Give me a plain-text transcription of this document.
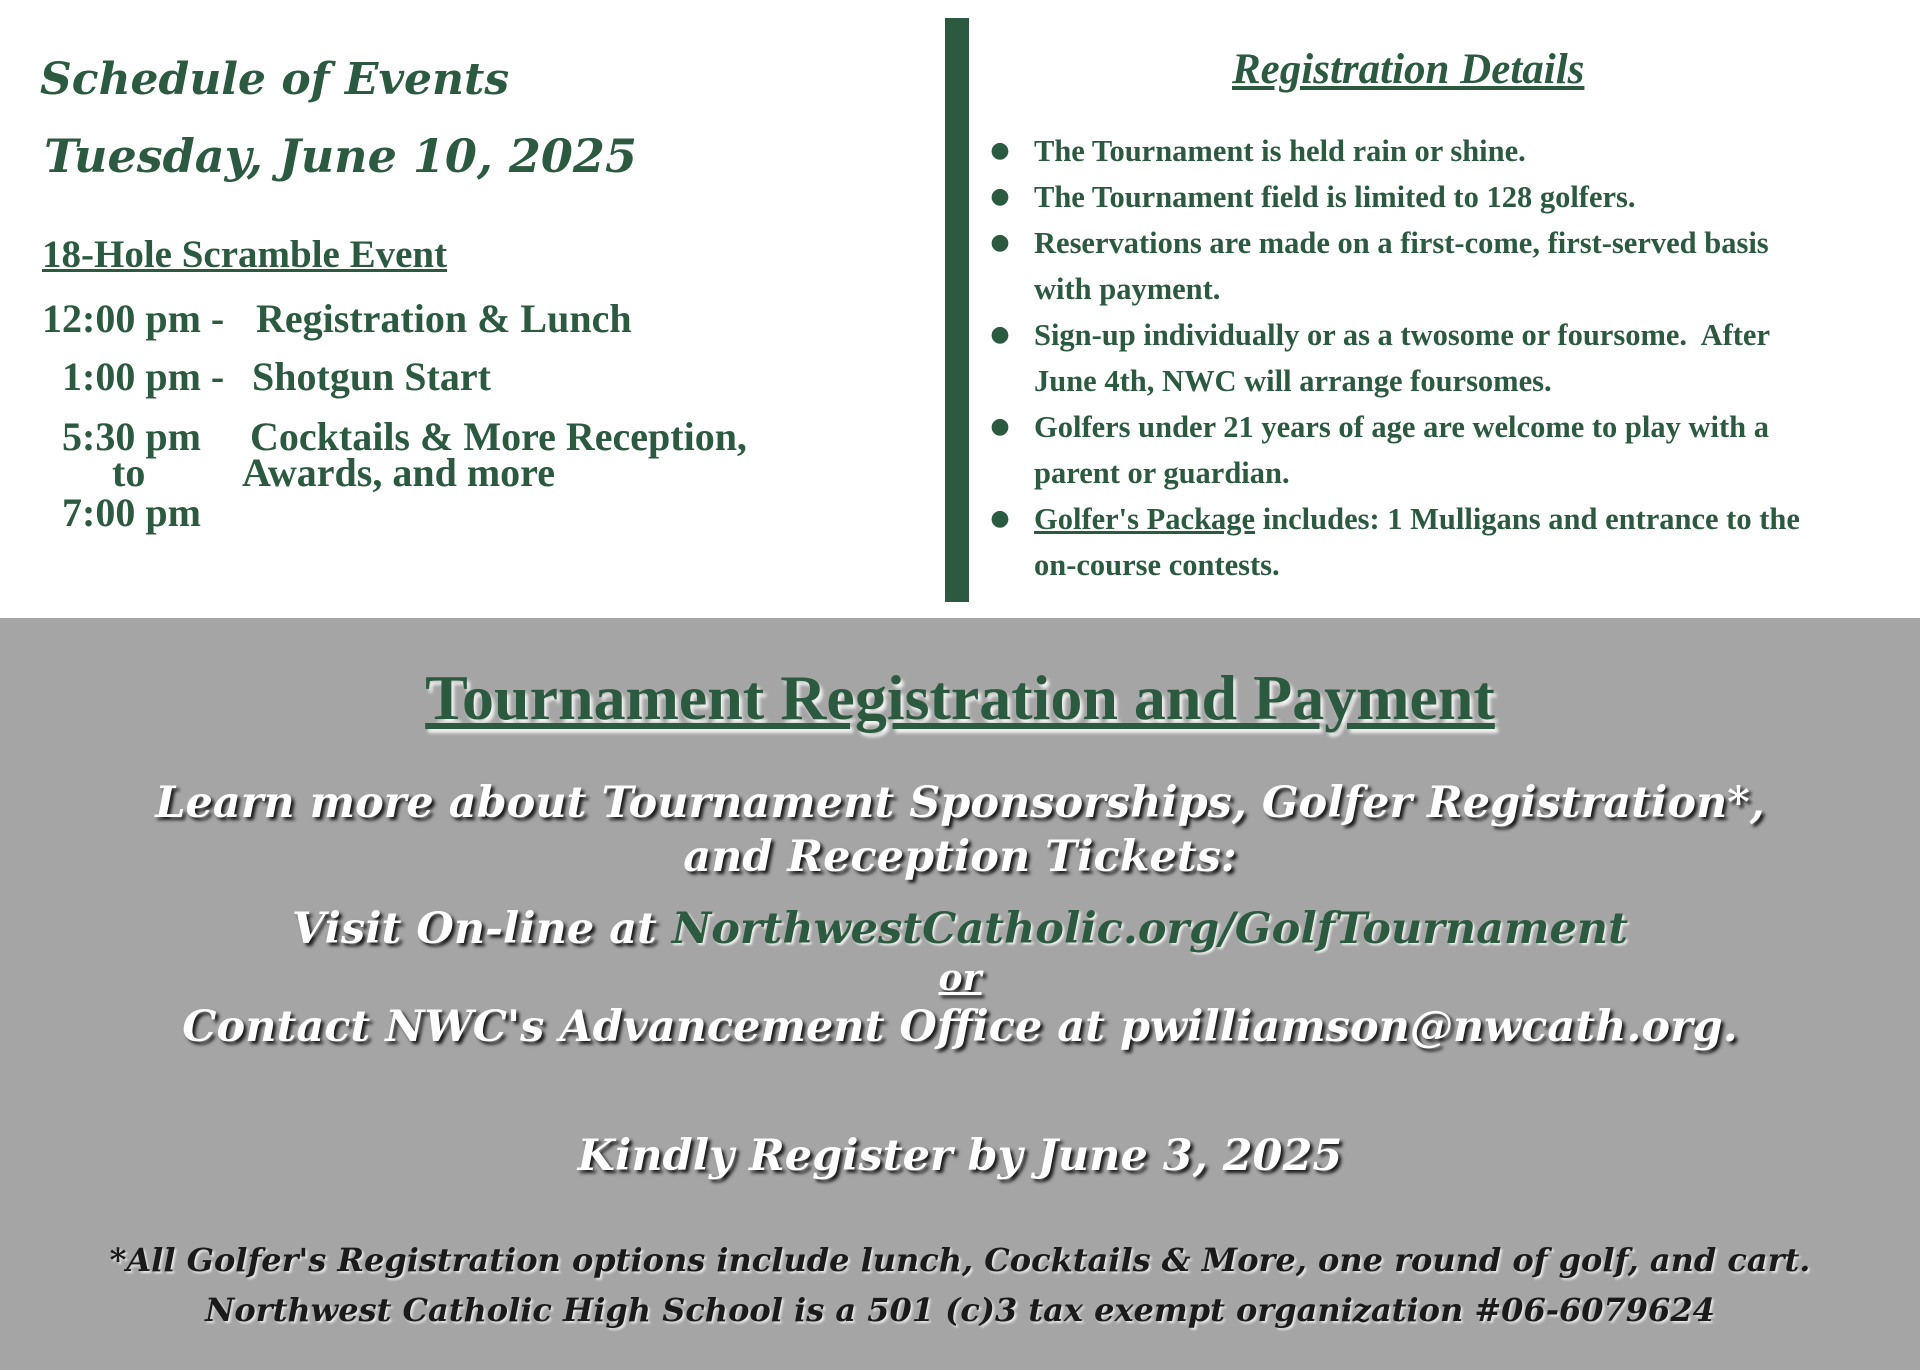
Schedule of Events
Tuesday, June 10, 2025
18-Hole Scramble Event
12:00 pm - Registration & Lunch
1:00 pm - Shotgun Start
5:30 pm Cocktails & More Reception,
to Awards, and more
7:00 pm
Registration Details
● The Tournament is held rain or shine.
● The Tournament field is limited to 128 golfers.
● Reservations are made on a first-come, first-served basis
with payment.
● Sign-up individually or as a twosome or foursome.  After
June 4th, NWC will arrange foursomes.
● Golfers under 21 years of age are welcome to play with a
parent or guardian.
● Golfer's Package includes: 1 Mulligans and entrance to the
on-course contests.
Tournament Registration and Payment
Learn more about Tournament Sponsorships, Golfer Registration*,
and Reception Tickets:
Visit On-line at NorthwestCatholic.org/GolfTournament
or
Contact NWC's Advancement Office at pwilliamson@nwcath.org.
Kindly Register by June 3, 2025
*All Golfer's Registration options include lunch, Cocktails & More, one round of golf, and cart.
Northwest Catholic High School is a 501 (c)3 tax exempt organization #06-6079624
